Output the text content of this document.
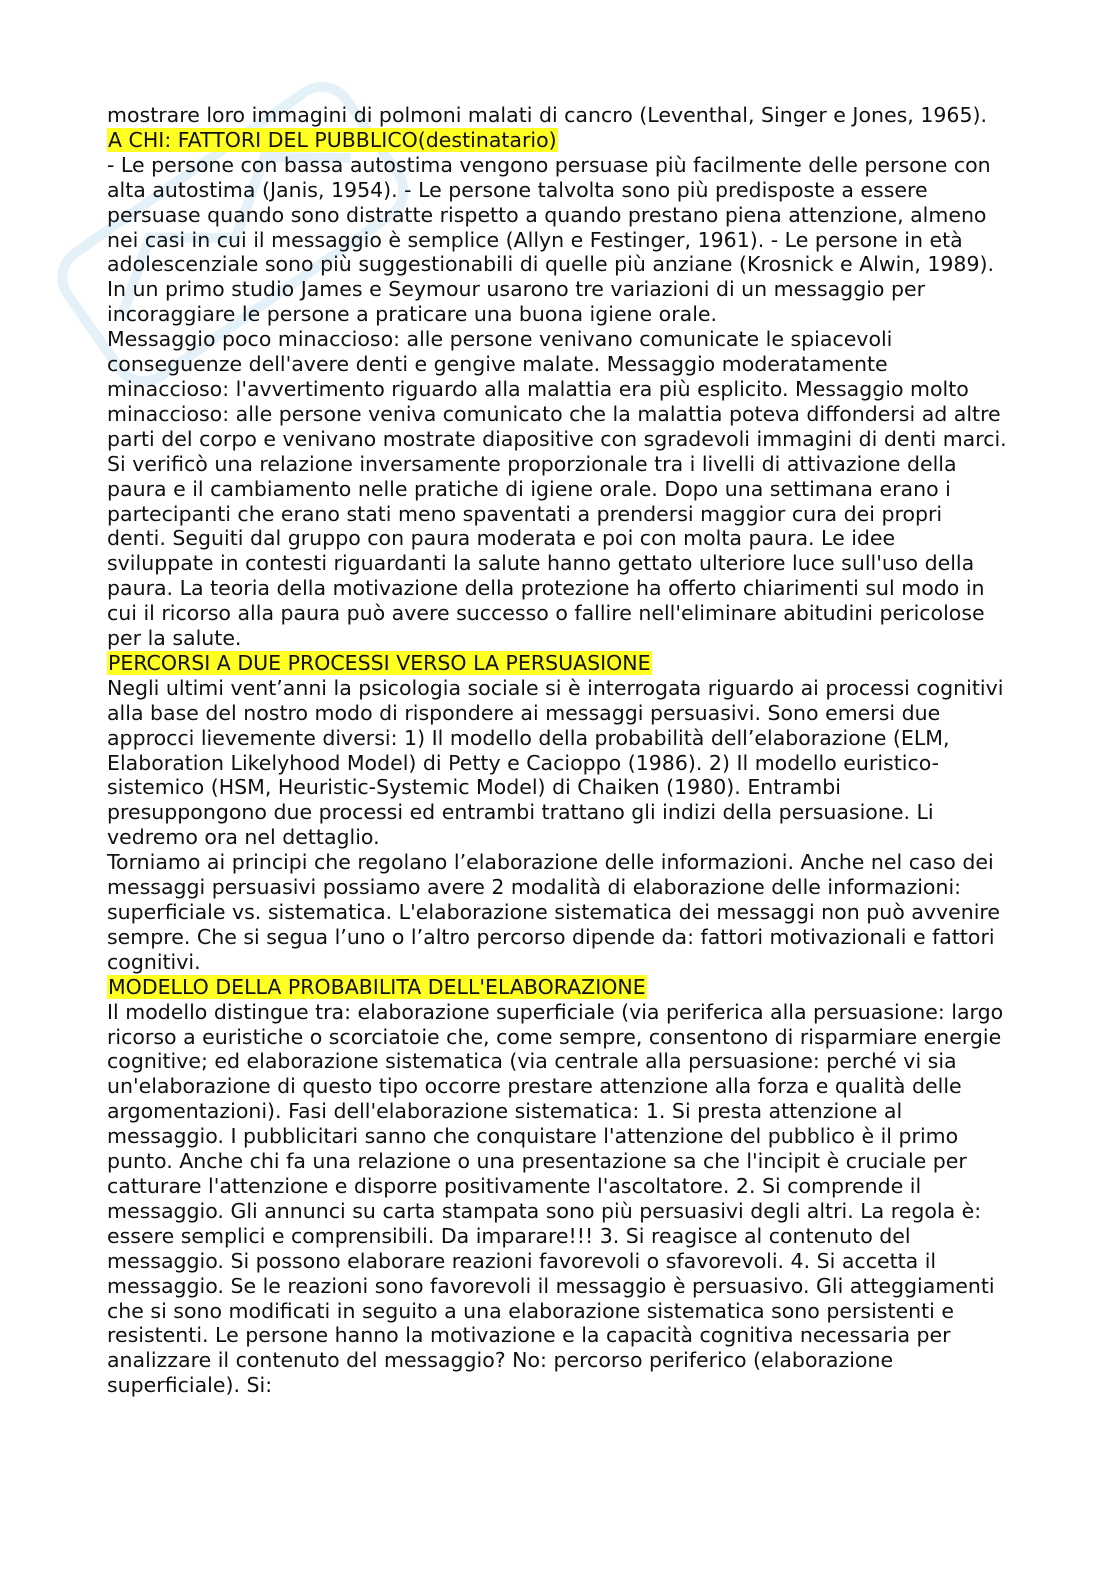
mostrare loro immagini di polmoni malati di cancro (Leventhal, Singer e Jones, 1965).
A CHI: FATTORI DEL PUBBLICO(destinatario)
- Le persone con bassa autostima vengono persuase più facilmente delle persone con alta autostima (Janis, 1954). - Le persone talvolta sono più predisposte a essere persuase quando sono distratte rispetto a quando prestano piena attenzione, almeno nei casi in cui il messaggio è semplice (Allyn e Festinger, 1961). - Le persone in età adolescenziale sono più suggestionabili di quelle più anziane (Krosnick e Alwin, 1989). In un primo studio James e Seymour usarono tre variazioni di un messaggio per incoraggiare le persone a praticare una buona igiene orale.
Messaggio poco minaccioso: alle persone venivano comunicate le spiacevoli conseguenze dell'avere denti e gengive malate. Messaggio moderatamente minaccioso: l'avvertimento riguardo alla malattia era più esplicito. Messaggio molto minaccioso: alle persone veniva comunicato che la malattia poteva diffondersi ad altre parti del corpo e venivano mostrate diapositive con sgradevoli immagini di denti marci. Si verificò una relazione inversamente proporzionale tra i livelli di attivazione della paura e il cambiamento nelle pratiche di igiene orale. Dopo una settimana erano i partecipanti che erano stati meno spaventati a prendersi maggior cura dei propri denti. Seguiti dal gruppo con paura moderata e poi con molta paura. Le idee sviluppate in contesti riguardanti la salute hanno gettato ulteriore luce sull'uso della paura. La teoria della motivazione della protezione ha offerto chiarimenti sul modo in cui il ricorso alla paura può avere successo o fallire nell'eliminare abitudini pericolose per la salute.
PERCORSI A DUE PROCESSI VERSO LA PERSUASIONE
Negli ultimi vent’anni la psicologia sociale si è interrogata riguardo ai processi cognitivi alla base del nostro modo di rispondere ai messaggi persuasivi. Sono emersi due approcci lievemente diversi: 1) Il modello della probabilità dell’elaborazione (ELM, Elaboration Likelyhood Model) di Petty e Cacioppo (1986). 2) Il modello euristico-sistemico (HSM, Heuristic-Systemic Model) di Chaiken (1980). Entrambi presuppongono due processi ed entrambi trattano gli indizi della persuasione. Li vedremo ora nel dettaglio.
Torniamo ai principi che regolano l’elaborazione delle informazioni. Anche nel caso dei messaggi persuasivi possiamo avere 2 modalità di elaborazione delle informazioni: superficiale vs. sistematica. L'elaborazione sistematica dei messaggi non può avvenire sempre. Che si segua l’uno o l’altro percorso dipende da: fattori motivazionali e fattori cognitivi.
MODELLO DELLA PROBABILITA DELL'ELABORAZIONE
Il modello distingue tra: elaborazione superficiale (via periferica alla persuasione: largo ricorso a euristiche o scorciatoie che, come sempre, consentono di risparmiare energie cognitive; ed elaborazione sistematica (via centrale alla persuasione: perché vi sia un'elaborazione di questo tipo occorre prestare attenzione alla forza e qualità delle argomentazioni). Fasi dell'elaborazione sistematica: 1. Si presta attenzione al messaggio. I pubblicitari sanno che conquistare l'attenzione del pubblico è il primo punto. Anche chi fa una relazione o una presentazione sa che l'incipit è cruciale per catturare l'attenzione e disporre positivamente l'ascoltatore. 2. Si comprende il messaggio. Gli annunci su carta stampata sono più persuasivi degli altri. La regola è: essere semplici e comprensibili. Da imparare!!! 3. Si reagisce al contenuto del messaggio. Si possono elaborare reazioni favorevoli o sfavorevoli. 4. Si accetta il messaggio. Se le reazioni sono favorevoli il messaggio è persuasivo. Gli atteggiamenti che si sono modificati in seguito a una elaborazione sistematica sono persistenti e resistenti. Le persone hanno la motivazione e la capacità cognitiva necessaria per analizzare il contenuto del messaggio? No: percorso periferico (elaborazione superficiale). Si:
